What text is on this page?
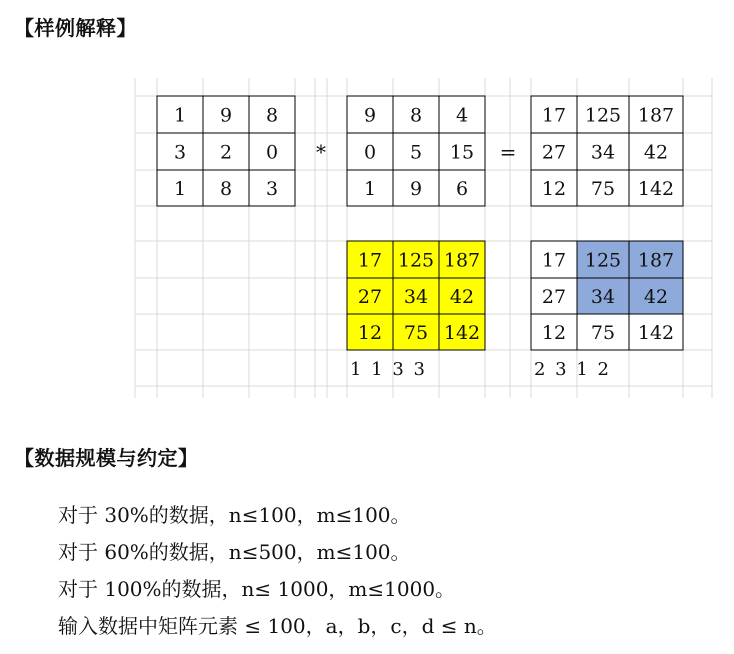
【样例解释】
1 9 8
3 2 0
1 8 3
9 8 4
0 5 15
1 9 6
17 125 187
27 34 42
12 75 142
17 125 187
27 34 42
12 75 142
17 125 187
27 34 42
12 75 142
*	=
1 1 3 3	2 3 1 2
【数据规模与约定】
对于 30%的数据，n≤100，m≤100。
对于 60%的数据，n≤500，m≤100。
对于 100%的数据，n≤ 1000，m≤1000。
输入数据中矩阵元素 ≤ 100，a，b，c，d ≤ n。
